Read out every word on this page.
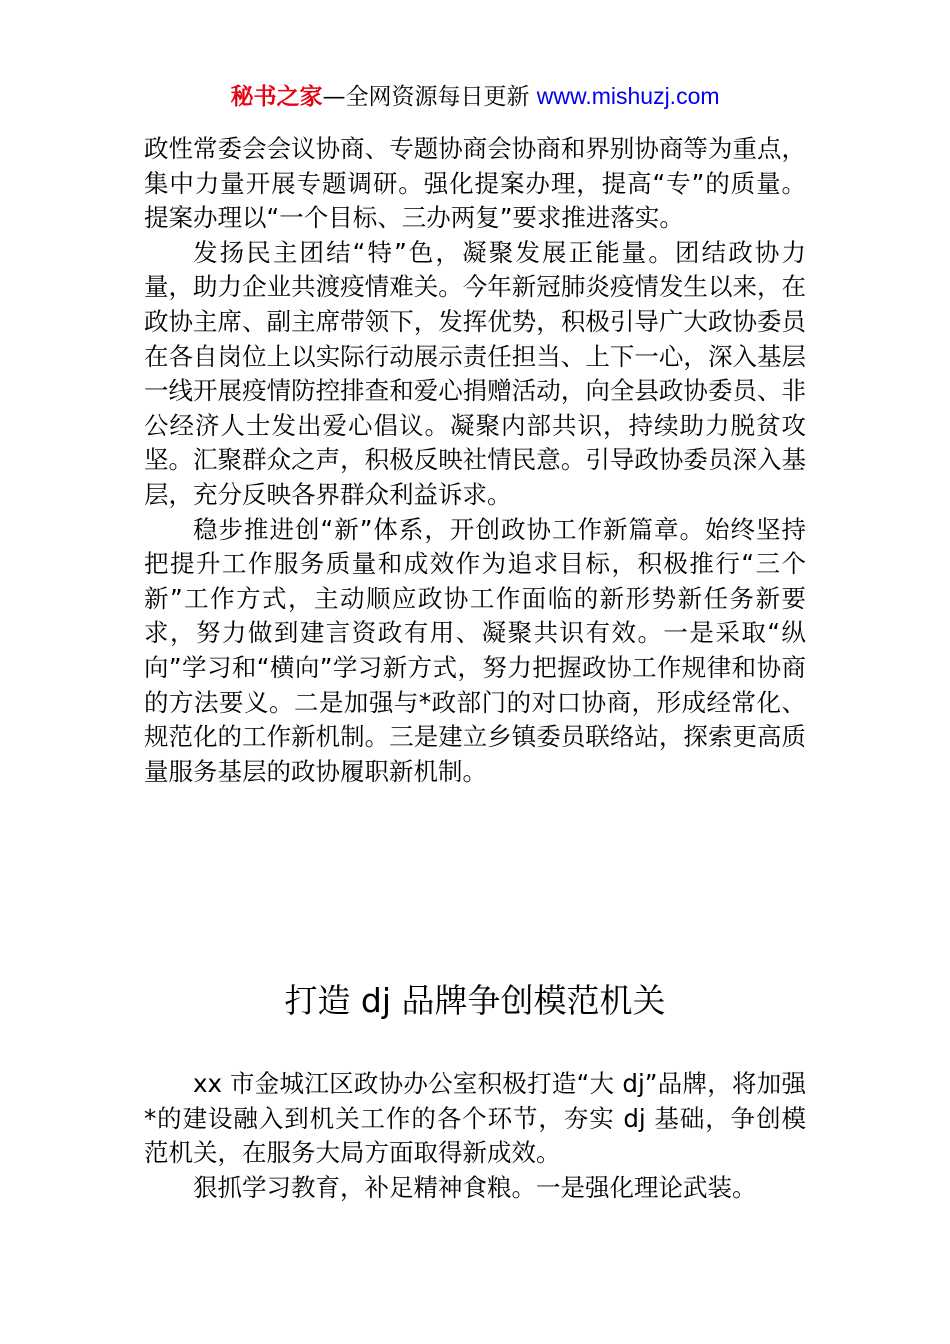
秘书之家—全网资源每日更新 www.mishuzj.com

政性常委会会议协商、专题协商会协商和界别协商等为重点，集中力量开展专题调研。强化提案办理，提高“专”的质量。提案办理以“一个目标、三办两复”要求推进落实。

发扬民主团结“特”色，凝聚发展正能量。团结政协力量，助力企业共渡疫情难关。今年新冠肺炎疫情发生以来，在政协主席、副主席带领下，发挥优势，积极引导广大政协委员在各自岗位上以实际行动展示责任担当、上下一心，深入基层一线开展疫情防控排查和爱心捐赠活动，向全县政协委员、非公经济人士发出爱心倡议。凝聚内部共识，持续助力脱贫攻坚。汇聚群众之声，积极反映社情民意。引导政协委员深入基层，充分反映各界群众利益诉求。

稳步推进创“新”体系，开创政协工作新篇章。始终坚持把提升工作服务质量和成效作为追求目标，积极推行“三个新”工作方式，主动顺应政协工作面临的新形势新任务新要求，努力做到建言资政有用、凝聚共识有效。一是采取“纵向”学习和“横向”学习新方式，努力把握政协工作规律和协商的方法要义。二是加强与*政部门的对口协商，形成经常化、规范化的工作新机制。三是建立乡镇委员联络站，探索更高质量服务基层的政协履职新机制。

打造 dj 品牌争创模范机关

xx 市金城江区政协办公室积极打造“大 dj”品牌，将加强*的建设融入到机关工作的各个环节，夯实 dj 基础，争创模范机关，在服务大局方面取得新成效。

狠抓学习教育，补足精神食粮。一是强化理论武装。
